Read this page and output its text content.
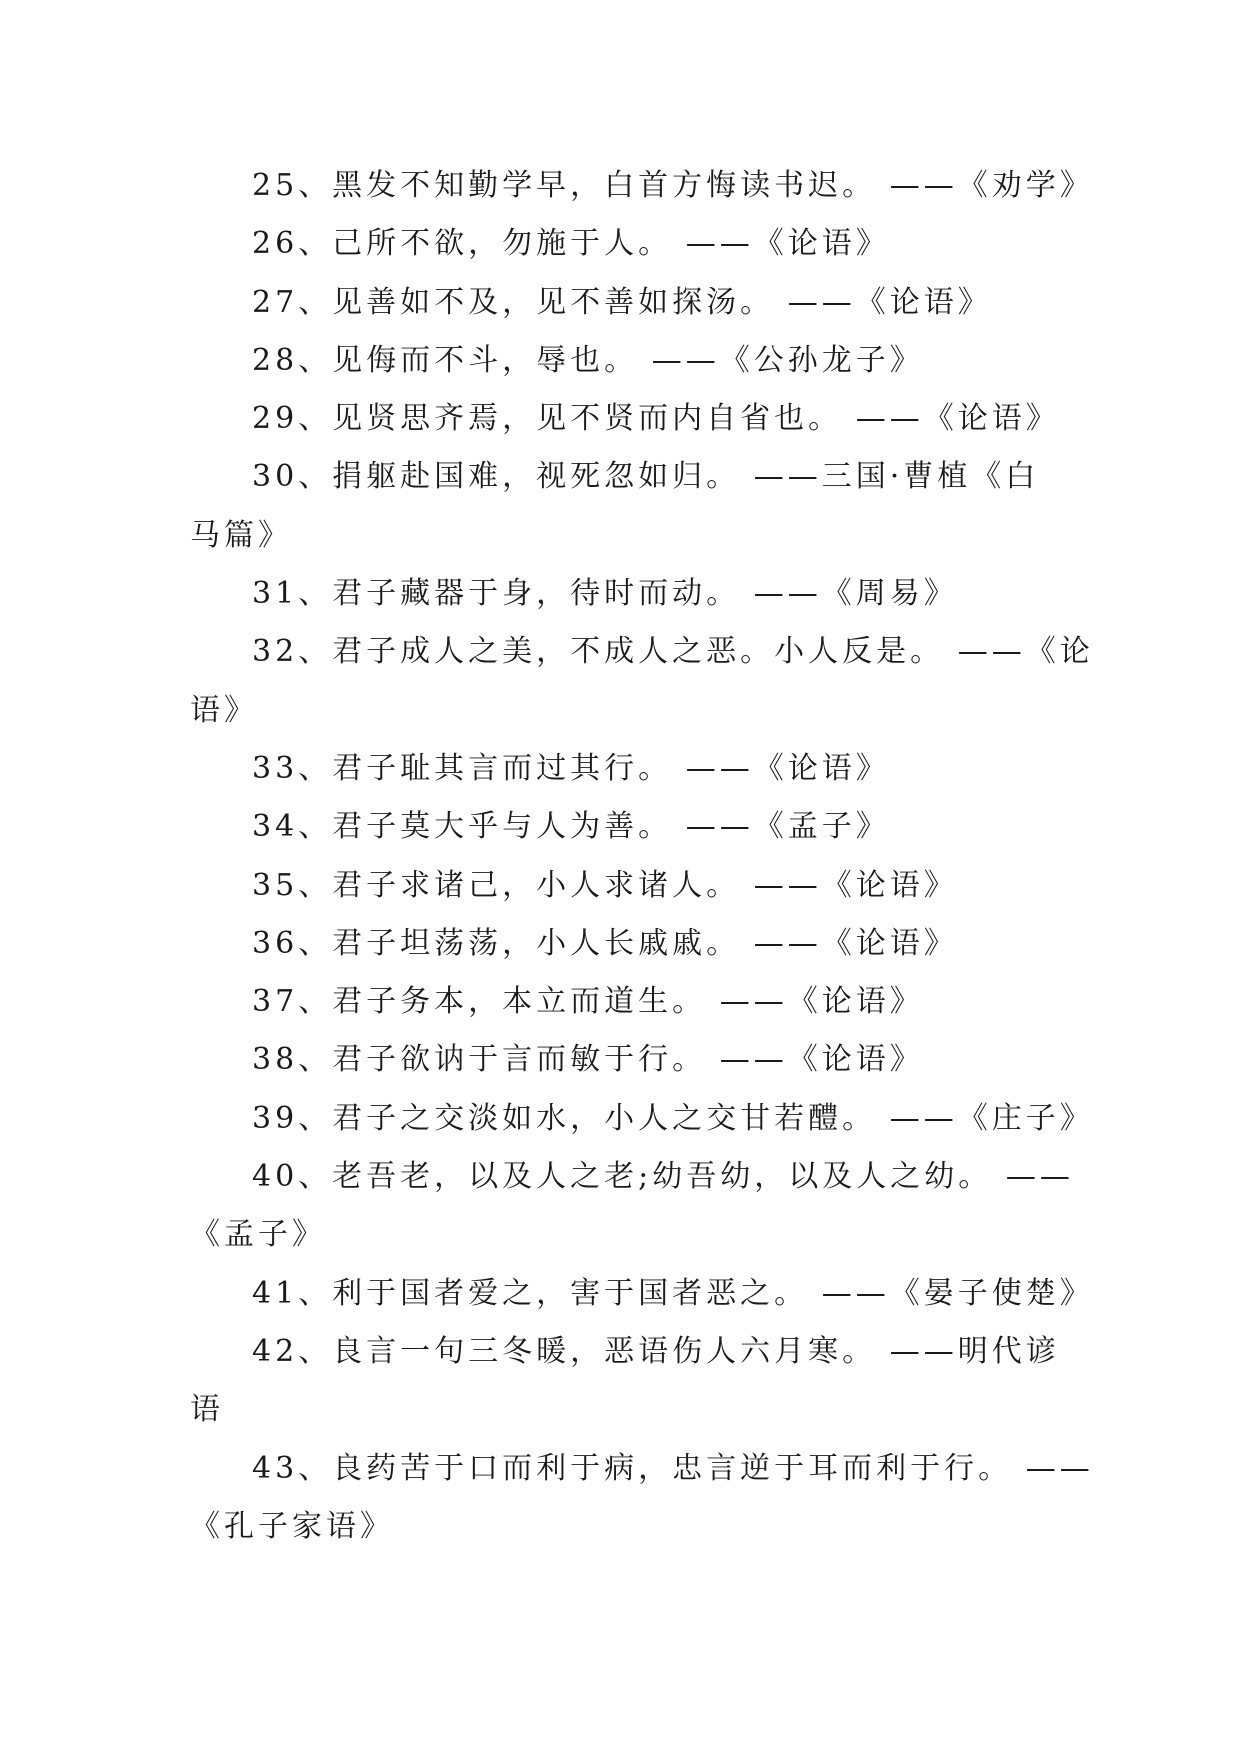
25、黑发不知勤学早，白首方悔读书迟。 ——《劝学》
26、己所不欲，勿施于人。 ——《论语》
27、见善如不及，见不善如探汤。 ——《论语》
28、见侮而不斗，辱也。 ——《公孙龙子》
29、见贤思齐焉，见不贤而内自省也。 ——《论语》
30、捐躯赴国难，视死忽如归。 ——三国·曹植《白
马篇》
31、君子藏器于身，待时而动。 ——《周易》
32、君子成人之美，不成人之恶。小人反是。 ——《论
语》
33、君子耻其言而过其行。 ——《论语》
34、君子莫大乎与人为善。 ——《孟子》
35、君子求诸己，小人求诸人。 ——《论语》
36、君子坦荡荡，小人长戚戚。 ——《论语》
37、君子务本，本立而道生。 ——《论语》
38、君子欲讷于言而敏于行。 ——《论语》
39、君子之交淡如水，小人之交甘若醴。 ——《庄子》
40、老吾老，以及人之老;幼吾幼，以及人之幼。 ——
《孟子》
41、利于国者爱之，害于国者恶之。 ——《晏子使楚》
42、良言一句三冬暖，恶语伤人六月寒。 ——明代谚
语
43、良药苦于口而利于病，忠言逆于耳而利于行。 ——
《孔子家语》
